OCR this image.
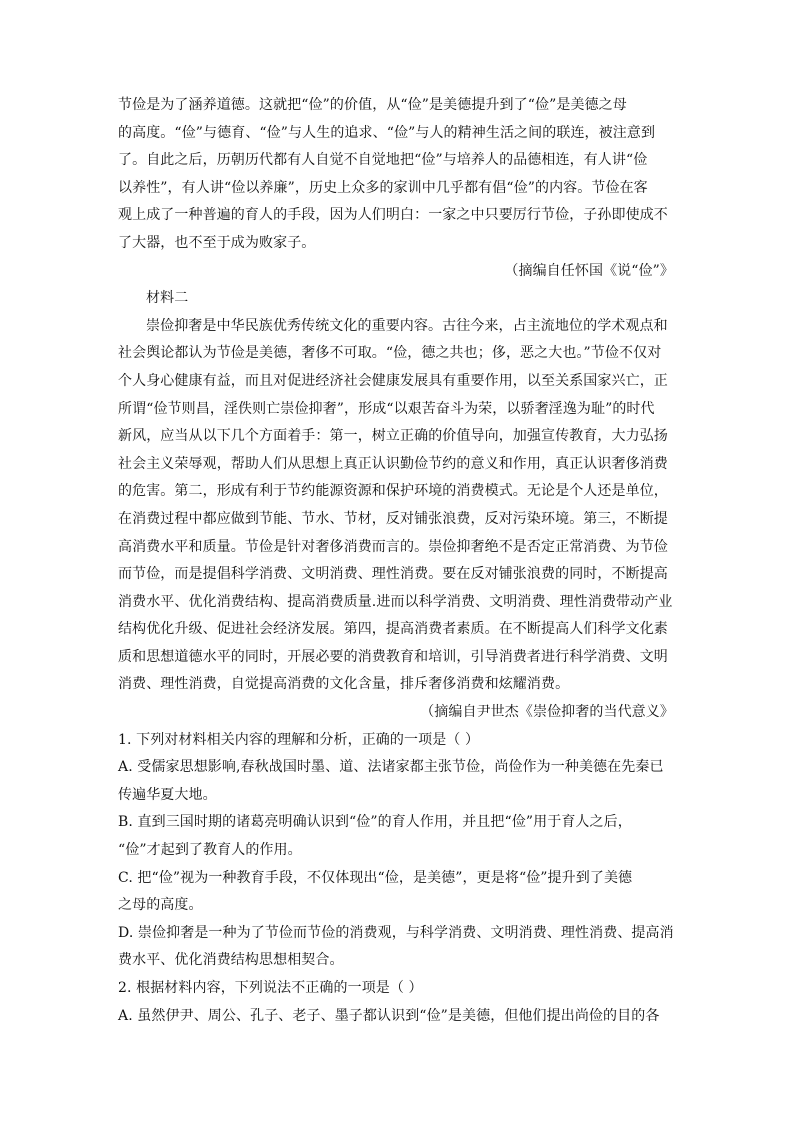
节俭是为了涵养道德。这就把“俭”的价值，从“俭”是美德提升到了“俭”是美德之母
的高度。“俭”与德育、“俭”与人生的追求、“俭”与人的精神生活之间的联连，被注意到
了。自此之后，历朝历代都有人自觉不自觉地把“俭”与培养人的品德相连，有人讲“俭
以养性”，有人讲“俭以养廉”，历史上众多的家训中几乎都有倡“俭”的内容。节俭在客
观上成了一种普遍的育人的手段，因为人们明白：一家之中只要厉行节俭，子孙即使成不
了大器，也不至于成为败家子。
（摘编自任怀国《说“俭”》
材料二
崇俭抑奢是中华民族优秀传统文化的重要内容。古往今来，占主流地位的学术观点和
社会舆论都认为节俭是美德，奢侈不可取。“俭，德之共也；侈，恶之大也。”节俭不仅对
个人身心健康有益，而且对促进经济社会健康发展具有重要作用，以至关系国家兴亡，正
所谓“俭节则昌，淫佚则亡崇俭抑奢”，形成“以艰苦奋斗为荣，以骄奢淫逸为耻”的时代
新风，应当从以下几个方面着手：第一，树立正确的价值导向，加强宣传教育，大力弘扬
社会主义荣辱观，帮助人们从思想上真正认识勤俭节约的意义和作用，真正认识奢侈消费
的危害。第二，形成有利于节约能源资源和保护环境的消费模式。无论是个人还是单位，
在消费过程中都应做到节能、节水、节材，反对铺张浪费，反对污染环境。第三，不断提
高消费水平和质量。节俭是针对奢侈消费而言的。崇俭抑奢绝不是否定正常消费、为节俭
而节俭，而是提倡科学消费、文明消费、理性消费。要在反对铺张浪费的同时，不断提高
消费水平、优化消费结构、提高消费质量.进而以科学消费、文明消费、理性消费带动产业
结构优化升级、促进社会经济发展。第四，提高消费者素质。在不断提高人们科学文化素
质和思想道德水平的同时，开展必要的消费教育和培训，引导消费者进行科学消费、文明
消费、理性消费，自觉提高消费的文化含量，排斥奢侈消费和炫耀消费。
（摘编自尹世杰《崇俭抑奢的当代意义》
1. 下列对材料相关内容的理解和分析，正确的一项是（ ）
A. 受儒家思想影响,春秋战国时墨、道、法诸家都主张节俭，尚俭作为一种美德在先秦已
传遍华夏大地。
B. 直到三国时期的诸葛亮明确认识到“俭”的育人作用，并且把“俭”用于育人之后，
“俭”才起到了教育人的作用。
C. 把“俭”视为一种教育手段，不仅体现出“俭，是美德”，更是将“俭”提升到了美德
之母的高度。
D. 崇俭抑奢是一种为了节俭而节俭的消费观，与科学消费、文明消费、理性消费、提高消
费水平、优化消费结构思想相契合。
2. 根据材料内容，下列说法不正确的一项是（ ）
A. 虽然伊尹、周公、孔子、老子、墨子都认识到“俭”是美德，但他们提出尚俭的目的各
